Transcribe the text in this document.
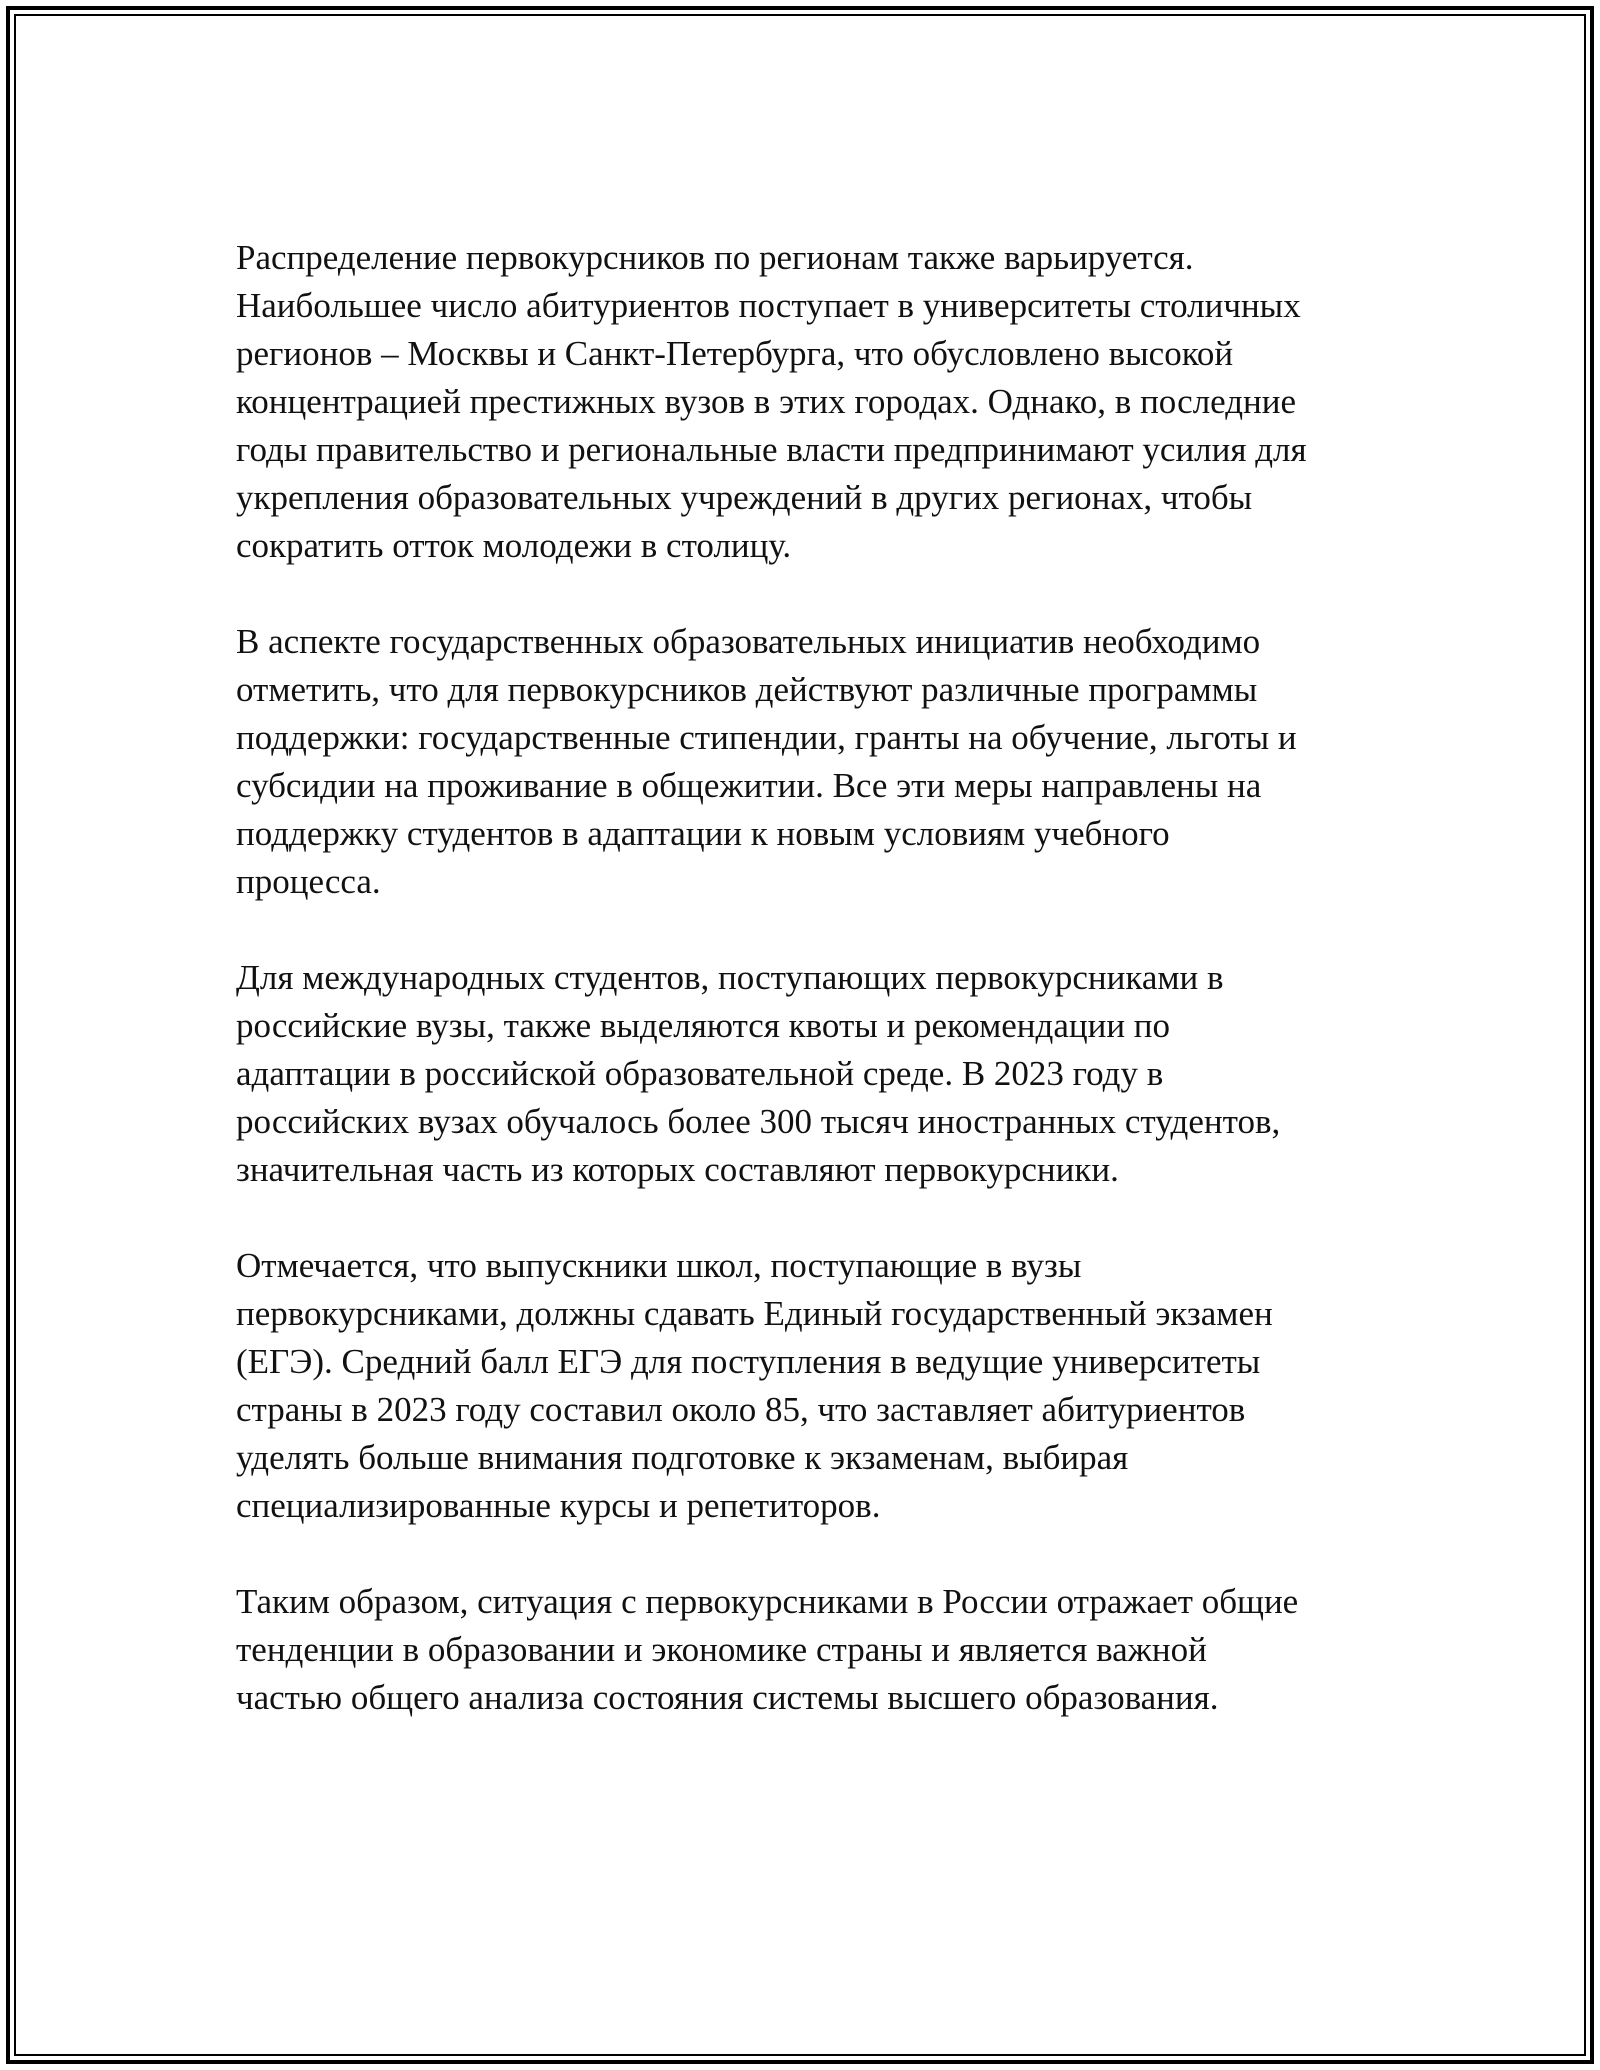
Распределение первокурсников по регионам также варьируется.
Наибольшее число абитуриентов поступает в университеты столичных
регионов – Москвы и Санкт-Петербурга, что обусловлено высокой
концентрацией престижных вузов в этих городах. Однако, в последние
годы правительство и региональные власти предпринимают усилия для
укрепления образовательных учреждений в других регионах, чтобы
сократить отток молодежи в столицу.

В аспекте государственных образовательных инициатив необходимо
отметить, что для первокурсников действуют различные программы
поддержки: государственные стипендии, гранты на обучение, льготы и
субсидии на проживание в общежитии. Все эти меры направлены на
поддержку студентов в адаптации к новым условиям учебного
процесса.

Для международных студентов, поступающих первокурсниками в
российские вузы, также выделяются квоты и рекомендации по
адаптации в российской образовательной среде. В 2023 году в
российских вузах обучалось более 300 тысяч иностранных студентов,
значительная часть из которых составляют первокурсники.

Отмечается, что выпускники школ, поступающие в вузы
первокурсниками, должны сдавать Единый государственный экзамен
(ЕГЭ). Средний балл ЕГЭ для поступления в ведущие университеты
страны в 2023 году составил около 85, что заставляет абитуриентов
уделять больше внимания подготовке к экзаменам, выбирая
специализированные курсы и репетиторов.

Таким образом, ситуация с первокурсниками в России отражает общие
тенденции в образовании и экономике страны и является важной
частью общего анализа состояния системы высшего образования.
